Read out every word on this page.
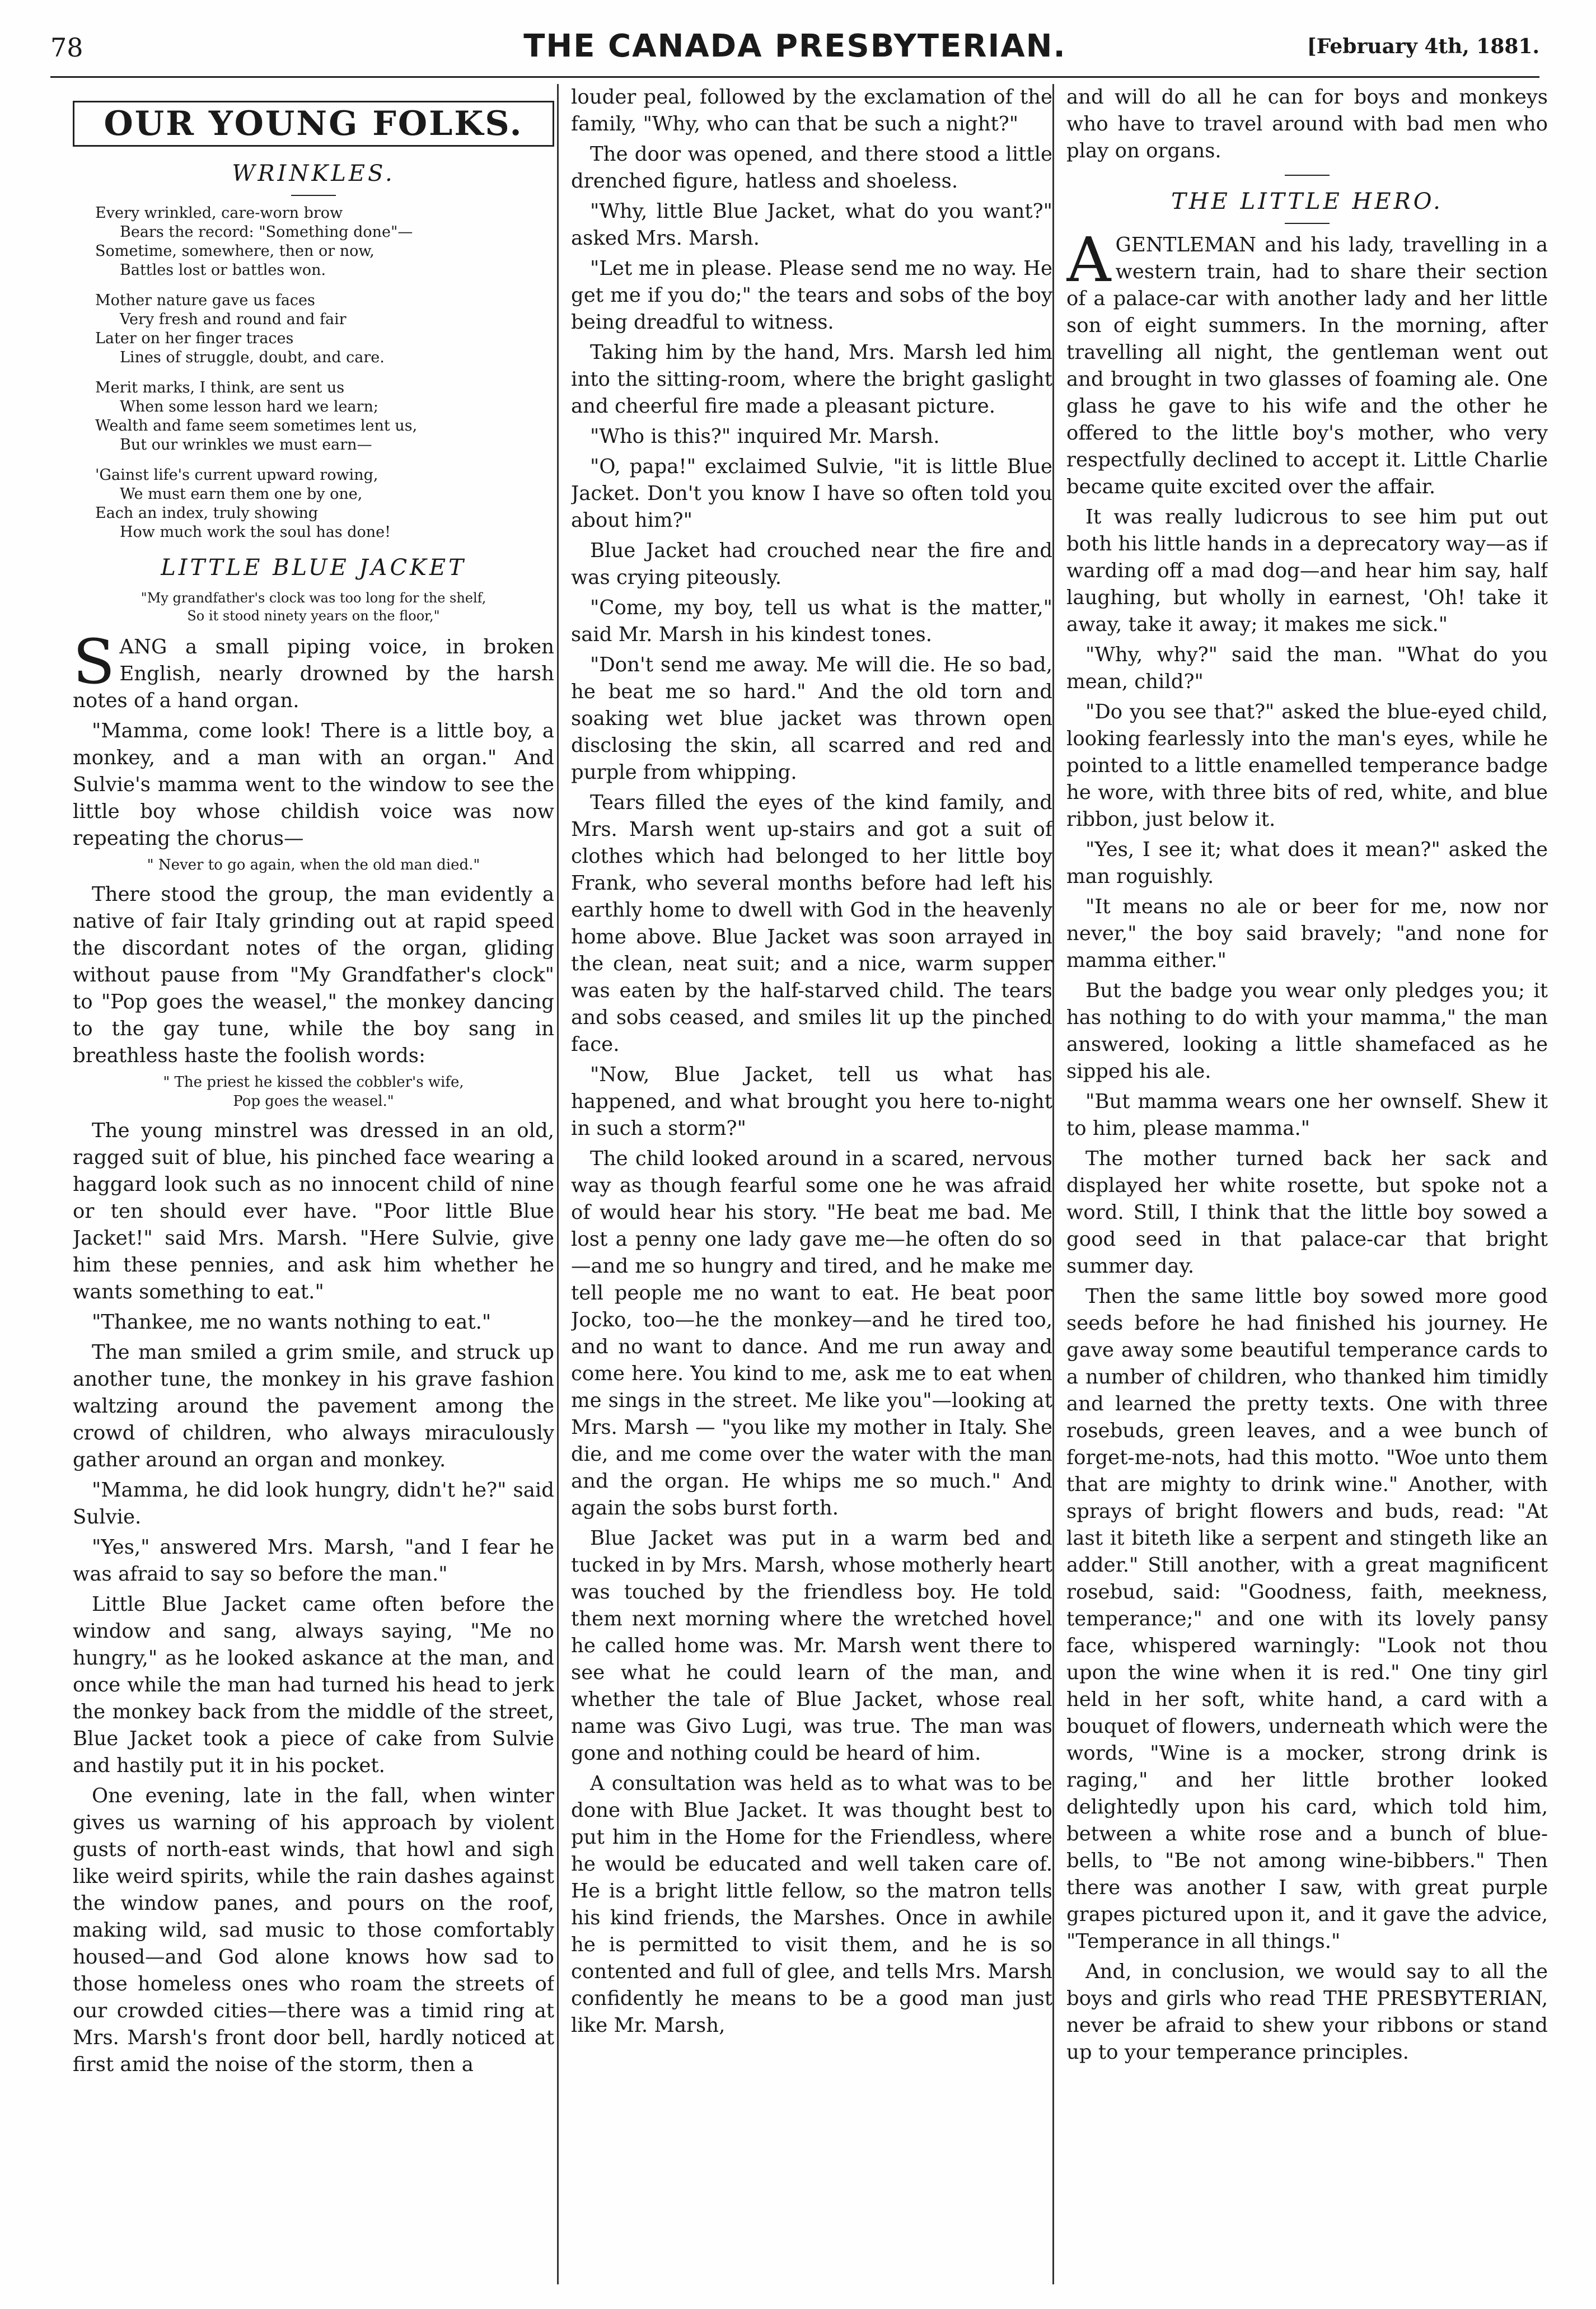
78	THE CANADA PRESBYTERIAN.	[February 4th, 1881.
OUR YOUNG FOLKS.
WRINKLES.
Every wrinkled, care-worn brow
Bears the record: "Something done"—
Sometime, somewhere, then or now,
Battles lost or battles won.
Mother nature gave us faces
Very fresh and round and fair
Later on her finger traces
Lines of struggle, doubt, and care.
Merit marks, I think, are sent us
When some lesson hard we learn;
Wealth and fame seem sometimes lent us,
But our wrinkles we must earn—
'Gainst life's current upward rowing,
We must earn them one by one,
Each an index, truly showing
How much work the soul has done!
LITTLE BLUE JACKET
"My grandfather's clock was too long for the shelf,
So it stood ninety years on the floor,"

SANG a small piping voice, in broken English, nearly drowned by the harsh notes of a hand organ.

"Mamma, come look! There is a little boy, a monkey, and a man with an organ." And Sulvie's mamma went to the window to see the little boy whose childish voice was now repeating the chorus—

" Never to go again, when the old man died."

There stood the group, the man evidently a native of fair Italy grinding out at rapid speed the discordant notes of the organ, gliding without pause from "My Grandfather's clock" to "Pop goes the weasel," the monkey dancing to the gay tune, while the boy sang in breathless haste the foolish words:

" The priest he kissed the cobbler's wife,
Pop goes the weasel."

The young minstrel was dressed in an old, ragged suit of blue, his pinched face wearing a haggard look such as no innocent child of nine or ten should ever have. "Poor little Blue Jacket!" said Mrs. Marsh. "Here Sulvie, give him these pennies, and ask him whether he wants something to eat."

"Thankee, me no wants nothing to eat."

The man smiled a grim smile, and struck up another tune, the monkey in his grave fashion waltzing around the pavement among the crowd of children, who always miraculously gather around an organ and monkey.

"Mamma, he did look hungry, didn't he?" said Sulvie.

"Yes," answered Mrs. Marsh, "and I fear he was afraid to say so before the man."

Little Blue Jacket came often before the window and sang, always saying, "Me no hungry," as he looked askance at the man, and once while the man had turned his head to jerk the monkey back from the middle of the street, Blue Jacket took a piece of cake from Sulvie and hastily put it in his pocket.

One evening, late in the fall, when winter gives us warning of his approach by violent gusts of north-east winds, that howl and sigh like weird spirits, while the rain dashes against the window panes, and pours on the roof, making wild, sad music to those comfortably housed—and God alone knows how sad to those homeless ones who roam the streets of our crowded cities—there was a timid ring at Mrs. Marsh's front door bell, hardly noticed at first amid the noise of the storm, then a

louder peal, followed by the exclamation of the family, "Why, who can that be such a night?"

The door was opened, and there stood a little drenched figure, hatless and shoeless.

"Why, little Blue Jacket, what do you want?" asked Mrs. Marsh.

"Let me in please. Please send me no way. He get me if you do;" the tears and sobs of the boy being dreadful to witness.

Taking him by the hand, Mrs. Marsh led him into the sitting-room, where the bright gaslight and cheerful fire made a pleasant picture.

"Who is this?" inquired Mr. Marsh.

"O, papa!" exclaimed Sulvie, "it is little Blue Jacket. Don't you know I have so often told you about him?"

Blue Jacket had crouched near the fire and was crying piteously.

"Come, my boy, tell us what is the matter," said Mr. Marsh in his kindest tones.

"Don't send me away. Me will die. He so bad, he beat me so hard." And the old torn and soaking wet blue jacket was thrown open disclosing the skin, all scarred and red and purple from whipping.

Tears filled the eyes of the kind family, and Mrs. Marsh went up-stairs and got a suit of clothes which had belonged to her little boy Frank, who several months before had left his earthly home to dwell with God in the heavenly home above. Blue Jacket was soon arrayed in the clean, neat suit; and a nice, warm supper was eaten by the half-starved child. The tears and sobs ceased, and smiles lit up the pinched face.

"Now, Blue Jacket, tell us what has happened, and what brought you here to-night in such a storm?"

The child looked around in a scared, nervous way as though fearful some one he was afraid of would hear his story. "He beat me bad. Me lost a penny one lady gave me—he often do so—and me so hungry and tired, and he make me tell people me no want to eat. He beat poor Jocko, too—he the monkey—and he tired too, and no want to dance. And me run away and come here. You kind to me, ask me to eat when me sings in the street. Me like you"—looking at Mrs. Marsh — "you like my mother in Italy. She die, and me come over the water with the man and the organ. He whips me so much." And again the sobs burst forth.

Blue Jacket was put in a warm bed and tucked in by Mrs. Marsh, whose motherly heart was touched by the friendless boy. He told them next morning where the wretched hovel he called home was. Mr. Marsh went there to see what he could learn of the man, and whether the tale of Blue Jacket, whose real name was Givo Lugi, was true. The man was gone and nothing could be heard of him.

A consultation was held as to what was to be done with Blue Jacket. It was thought best to put him in the Home for the Friendless, where he would be educated and well taken care of. He is a bright little fellow, so the matron tells his kind friends, the Marshes. Once in awhile he is permitted to visit them, and he is so contented and full of glee, and tells Mrs. Marsh confidently he means to be a good man just like Mr. Marsh,

and will do all he can for boys and monkeys who have to travel around with bad men who play on organs.

THE LITTLE HERO.

AGENTLEMAN and his lady, travelling in a western train, had to share their section of a palace-car with another lady and her little son of eight summers. In the morning, after travelling all night, the gentleman went out and brought in two glasses of foaming ale. One glass he gave to his wife and the other he offered to the little boy's mother, who very respectfully declined to accept it. Little Charlie became quite excited over the affair.

It was really ludicrous to see him put out both his little hands in a deprecatory way—as if warding off a mad dog—and hear him say, half laughing, but wholly in earnest, 'Oh! take it away, take it away; it makes me sick."

"Why, why?" said the man. "What do you mean, child?"

"Do you see that?" asked the blue-eyed child, looking fearlessly into the man's eyes, while he pointed to a little enamelled temperance badge he wore, with three bits of red, white, and blue ribbon, just below it.

"Yes, I see it; what does it mean?" asked the man roguishly.

"It means no ale or beer for me, now nor never," the boy said bravely; "and none for mamma either."

But the badge you wear only pledges you; it has nothing to do with your mamma," the man answered, looking a little shamefaced as he sipped his ale.

"But mamma wears one her ownself. Shew it to him, please mamma."

The mother turned back her sack and displayed her white rosette, but spoke not a word. Still, I think that the little boy sowed a good seed in that palace-car that bright summer day.

Then the same little boy sowed more good seeds before he had finished his journey. He gave away some beautiful temperance cards to a number of children, who thanked him timidly and learned the pretty texts. One with three rosebuds, green leaves, and a wee bunch of forget-me-nots, had this motto. "Woe unto them that are mighty to drink wine." Another, with sprays of bright flowers and buds, read: "At last it biteth like a serpent and stingeth like an adder." Still another, with a great magnificent rosebud, said: "Goodness, faith, meekness, temperance;" and one with its lovely pansy face, whispered warningly: "Look not thou upon the wine when it is red." One tiny girl held in her soft, white hand, a card with a bouquet of flowers, underneath which were the words, "Wine is a mocker, strong drink is raging," and her little brother looked delightedly upon his card, which told him, between a white rose and a bunch of blue-bells, to "Be not among wine-bibbers." Then there was another I saw, with great purple grapes pictured upon it, and it gave the advice, "Temperance in all things."

And, in conclusion, we would say to all the boys and girls who read THE PRESBYTERIAN, never be afraid to shew your ribbons or stand up to your temperance principles.
